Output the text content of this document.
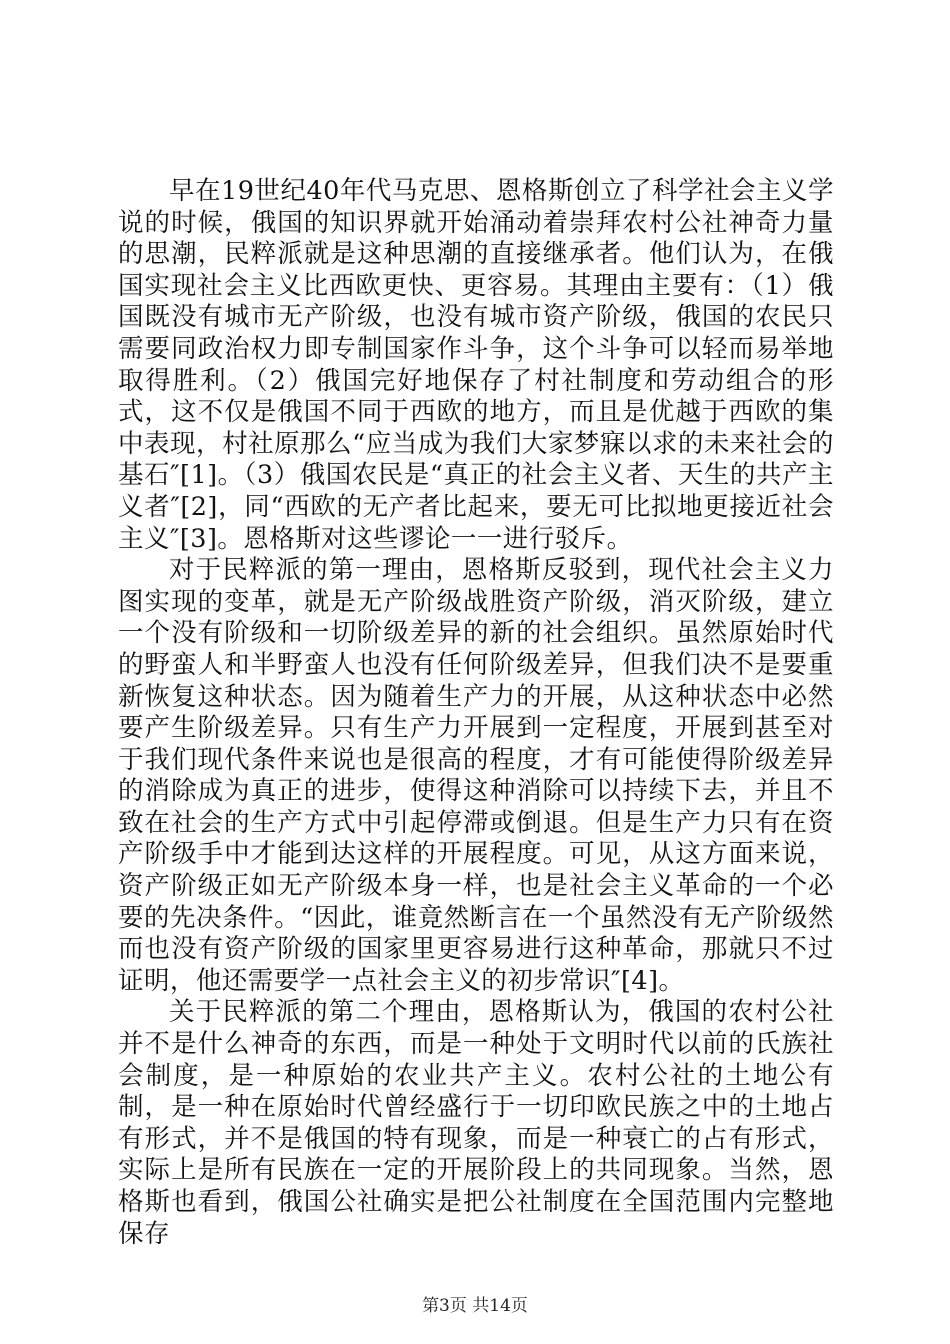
早在19世纪40年代马克思、恩格斯创立了科学社会主义学说的时候，俄国的知识界就开始涌动着崇拜农村公社神奇力量的思潮，民粹派就是这种思潮的直接继承者。他们认为，在俄国实现社会主义比西欧更快、更容易。其理由主要有：（1）俄国既没有城市无产阶级，也没有城市资产阶级，俄国的农民只需要同政治权力即专制国家作斗争，这个斗争可以轻而易举地取得胜利。（2）俄国完好地保存了村社制度和劳动组合的形式，这不仅是俄国不同于西欧的地方，而且是优越于西欧的集中表现，村社原那么“应当成为我们大家梦寐以求的未来社会的基石″[1]。（3）俄国农民是“真正的社会主义者、天生的共产主义者″[2]，同“西欧的无产者比起来，要无可比拟地更接近社会主义″[3]。恩格斯对这些谬论一一进行驳斥。

对于民粹派的第一理由，恩格斯反驳到，现代社会主义力图实现的变革，就是无产阶级战胜资产阶级，消灭阶级，建立一个没有阶级和一切阶级差异的新的社会组织。虽然原始时代的野蛮人和半野蛮人也没有任何阶级差异，但我们决不是要重新恢复这种状态。因为随着生产力的开展，从这种状态中必然要产生阶级差异。只有生产力开展到一定程度，开展到甚至对于我们现代条件来说也是很高的程度，才有可能使得阶级差异的消除成为真正的进步，使得这种消除可以持续下去，并且不致在社会的生产方式中引起停滞或倒退。但是生产力只有在资产阶级手中才能到达这样的开展程度。可见，从这方面来说，资产阶级正如无产阶级本身一样，也是社会主义革命的一个必要的先决条件。“因此，谁竟然断言在一个虽然没有无产阶级然而也没有资产阶级的国家里更容易进行这种革命，那就只不过证明，他还需要学一点社会主义的初步常识″[4]。

关于民粹派的第二个理由，恩格斯认为，俄国的农村公社并不是什么神奇的东西，而是一种处于文明时代以前的氏族社会制度，是一种原始的农业共产主义。农村公社的土地公有制，是一种在原始时代曾经盛行于一切印欧民族之中的土地占有形式，并不是俄国的特有现象，而是一种衰亡的占有形式，实际上是所有民族在一定的开展阶段上的共同现象。当然，恩格斯也看到，俄国公社确实是把公社制度在全国范围内完整地保存

第3页 共14页
